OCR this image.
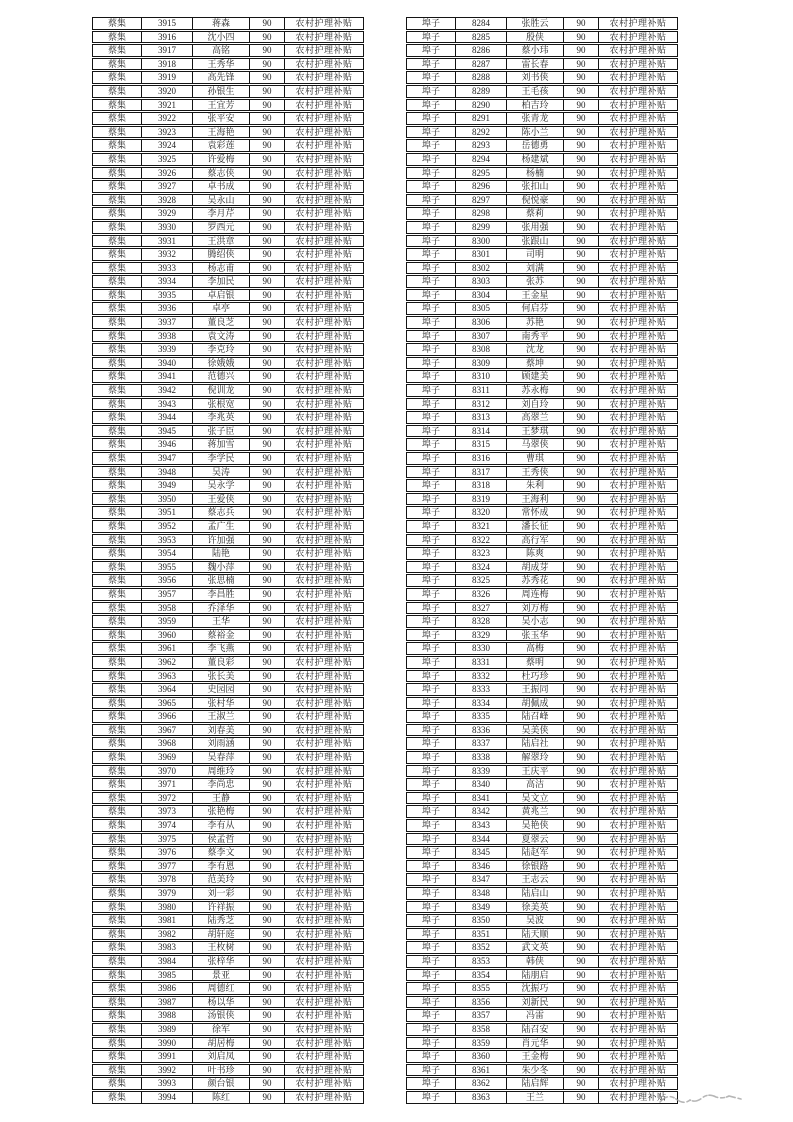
蔡集	3915	蒋森	90	农村护理补贴
蔡集	3916	沈小四	90	农村护理补贴
蔡集	3917	高铭	90	农村护理补贴
蔡集	3918	王秀华	90	农村护理补贴
蔡集	3919	高先锋	90	农村护理补贴
蔡集	3920	孙银生	90	农村护理补贴
蔡集	3921	王宜芳	90	农村护理补贴
蔡集	3922	张平安	90	农村护理补贴
蔡集	3923	王海艳	90	农村护理补贴
蔡集	3924	袁彩莲	90	农村护理补贴
蔡集	3925	许爱梅	90	农村护理补贴
蔡集	3926	蔡志侠	90	农村护理补贴
蔡集	3927	卓书成	90	农村护理补贴
蔡集	3928	吴永山	90	农村护理补贴
蔡集	3929	李月芹	90	农村护理补贴
蔡集	3930	罗西元	90	农村护理补贴
蔡集	3931	王洪章	90	农村护理补贴
蔡集	3932	腾绍侠	90	农村护理补贴
蔡集	3933	杨志甫	90	农村护理补贴
蔡集	3934	李加民	90	农村护理补贴
蔡集	3935	卓启银	90	农村护理补贴
蔡集	3936	卓亭	90	农村护理补贴
蔡集	3937	董良芝	90	农村护理补贴
蔡集	3938	袁文涛	90	农村护理补贴
蔡集	3939	李克玲	90	农村护理补贴
蔡集	3940	徐娥娥	90	农村护理补贴
蔡集	3941	范德兴	90	农村护理补贴
蔡集	3942	倪训龙	90	农村护理补贴
蔡集	3943	张根宽	90	农村护理补贴
蔡集	3944	李兆英	90	农村护理补贴
蔡集	3945	张子臣	90	农村护理补贴
蔡集	3946	蒋加雪	90	农村护理补贴
蔡集	3947	李学民	90	农村护理补贴
蔡集	3948	吴涛	90	农村护理补贴
蔡集	3949	吴永学	90	农村护理补贴
蔡集	3950	王爱侠	90	农村护理补贴
蔡集	3951	蔡志兵	90	农村护理补贴
蔡集	3952	孟广生	90	农村护理补贴
蔡集	3953	许加强	90	农村护理补贴
蔡集	3954	陆艳	90	农村护理补贴
蔡集	3955	魏小萍	90	农村护理补贴
蔡集	3956	张思楠	90	农村护理补贴
蔡集	3957	李昌胜	90	农村护理补贴
蔡集	3958	乔泽华	90	农村护理补贴
蔡集	3959	王华	90	农村护理补贴
蔡集	3960	蔡裕金	90	农村护理补贴
蔡集	3961	李飞燕	90	农村护理补贴
蔡集	3962	董良彩	90	农村护理补贴
蔡集	3963	张长美	90	农村护理补贴
蔡集	3964	史园园	90	农村护理补贴
蔡集	3965	张村华	90	农村护理补贴
蔡集	3966	王淑兰	90	农村护理补贴
蔡集	3967	刘春美	90	农村护理补贴
蔡集	3968	刘雨涵	90	农村护理补贴
蔡集	3969	吴春萍	90	农村护理补贴
蔡集	3970	周维玲	90	农村护理补贴
蔡集	3971	李尚忠	90	农村护理补贴
蔡集	3972	王静	90	农村护理补贴
蔡集	3973	张艳梅	90	农村护理补贴
蔡集	3974	李有从	90	农村护理补贴
蔡集	3975	侯孟哲	90	农村护理补贴
蔡集	3976	蔡李文	90	农村护理补贴
蔡集	3977	李有恩	90	农村护理补贴
蔡集	3978	范美玲	90	农村护理补贴
蔡集	3979	刘一彩	90	农村护理补贴
蔡集	3980	许祥振	90	农村护理补贴
蔡集	3981	陆秀芝	90	农村护理补贴
蔡集	3982	胡轩庭	90	农村护理补贴
蔡集	3983	王枚树	90	农村护理补贴
蔡集	3984	张梓华	90	农村护理补贴
蔡集	3985	景亚	90	农村护理补贴
蔡集	3986	周德红	90	农村护理补贴
蔡集	3987	杨以华	90	农村护理补贴
蔡集	3988	汤银侠	90	农村护理补贴
蔡集	3989	徐军	90	农村护理补贴
蔡集	3990	胡居梅	90	农村护理补贴
蔡集	3991	刘启凤	90	农村护理补贴
蔡集	3992	叶书珍	90	农村护理补贴
蔡集	3993	颜台银	90	农村护理补贴
蔡集	3994	陈红	90	农村护理补贴
埠子	8284	张胜云	90	农村护理补贴
埠子	8285	殷侠	90	农村护理补贴
埠子	8286	蔡小玮	90	农村护理补贴
埠子	8287	雷长春	90	农村护理补贴
埠子	8288	刘书侠	90	农村护理补贴
埠子	8289	王毛孩	90	农村护理补贴
埠子	8290	柏吉玲	90	农村护理补贴
埠子	8291	张青龙	90	农村护理补贴
埠子	8292	陈小兰	90	农村护理补贴
埠子	8293	岳德勇	90	农村护理补贴
埠子	8294	杨建斌	90	农村护理补贴
埠子	8295	杨楠	90	农村护理补贴
埠子	8296	张扣山	90	农村护理补贴
埠子	8297	倪悦豪	90	农村护理补贴
埠子	8298	蔡莉	90	农村护理补贴
埠子	8299	张用强	90	农村护理补贴
埠子	8300	张跟山	90	农村护理补贴
埠子	8301	司明	90	农村护理补贴
埠子	8302	刘满	90	农村护理补贴
埠子	8303	张苏	90	农村护理补贴
埠子	8304	王金星	90	农村护理补贴
埠子	8305	何启芬	90	农村护理补贴
埠子	8306	苏艳	90	农村护理补贴
埠子	8307	南秀平	90	农村护理补贴
埠子	8308	沈龙	90	农村护理补贴
埠子	8309	蔡坤	90	农村护理补贴
埠子	8310	顾建美	90	农村护理补贴
埠子	8311	苏永梅	90	农村护理补贴
埠子	8312	刘自玲	90	农村护理补贴
埠子	8313	高翠兰	90	农村护理补贴
埠子	8314	王梦琪	90	农村护理补贴
埠子	8315	马翠侠	90	农村护理补贴
埠子	8316	曹琪	90	农村护理补贴
埠子	8317	王秀侠	90	农村护理补贴
埠子	8318	朱利	90	农村护理补贴
埠子	8319	王海利	90	农村护理补贴
埠子	8320	常怀成	90	农村护理补贴
埠子	8321	潘长征	90	农村护理补贴
埠子	8322	高行军	90	农村护理补贴
埠子	8323	陈爽	90	农村护理补贴
埠子	8324	胡成芽	90	农村护理补贴
埠子	8325	苏秀花	90	农村护理补贴
埠子	8326	周连梅	90	农村护理补贴
埠子	8327	刘万梅	90	农村护理补贴
埠子	8328	吴小志	90	农村护理补贴
埠子	8329	张玉华	90	农村护理补贴
埠子	8330	高梅	90	农村护理补贴
埠子	8331	蔡明	90	农村护理补贴
埠子	8332	杜巧珍	90	农村护理补贴
埠子	8333	王振同	90	农村护理补贴
埠子	8334	胡佩成	90	农村护理补贴
埠子	8335	陆召峰	90	农村护理补贴
埠子	8336	吴美侠	90	农村护理补贴
埠子	8337	陆启社	90	农村护理补贴
埠子	8338	解翠玲	90	农村护理补贴
埠子	8339	王庆平	90	农村护理补贴
埠子	8340	高洁	90	农村护理补贴
埠子	8341	吴文立	90	农村护理补贴
埠子	8342	黄兆兰	90	农村护理补贴
埠子	8343	吴艳侠	90	农村护理补贴
埠子	8344	夏翠云	90	农村护理补贴
埠子	8345	陆赵军	90	农村护理补贴
埠子	8346	徐银路	90	农村护理补贴
埠子	8347	王志云	90	农村护理补贴
埠子	8348	陆启山	90	农村护理补贴
埠子	8349	徐美英	90	农村护理补贴
埠子	8350	吴波	90	农村护理补贴
埠子	8351	陆天顺	90	农村护理补贴
埠子	8352	武文英	90	农村护理补贴
埠子	8353	韩侠	90	农村护理补贴
埠子	8354	陆朋启	90	农村护理补贴
埠子	8355	沈振巧	90	农村护理补贴
埠子	8356	刘新民	90	农村护理补贴
埠子	8357	冯雷	90	农村护理补贴
埠子	8358	陆召安	90	农村护理补贴
埠子	8359	肖元华	90	农村护理补贴
埠子	8360	王金梅	90	农村护理补贴
埠子	8361	朱少冬	90	农村护理补贴
埠子	8362	陆启辉	90	农村护理补贴
埠子	8363	王兰	90	农村护理补贴
